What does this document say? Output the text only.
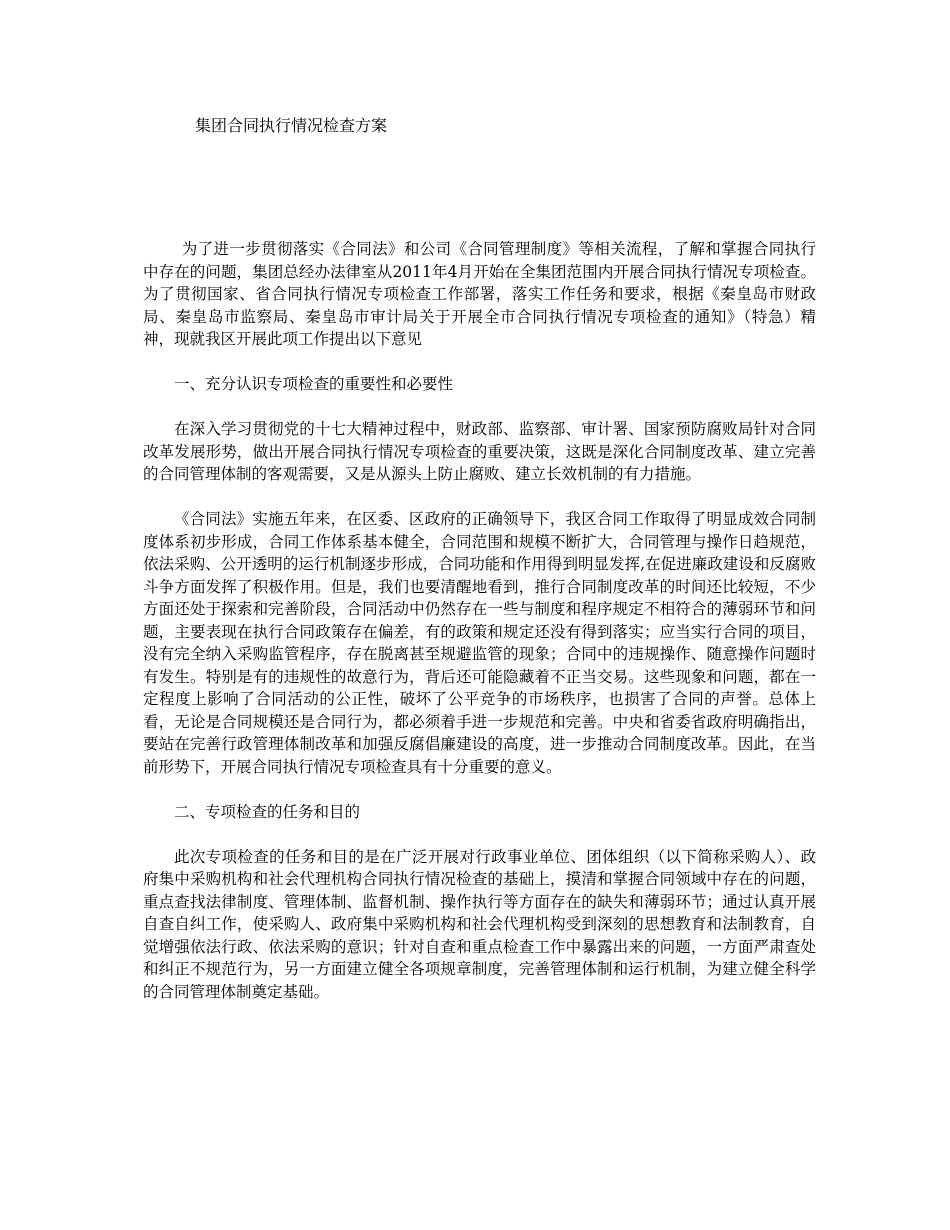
集团合同执行情况检查方案

为了进一步贯彻落实《合同法》和公司《合同管理制度》等相关流程，了解和掌握合同执行中存在的问题，集团总经办法律室从2011年4月开始在全集团范围内开展合同执行情况专项检查。为了贯彻国家、省合同执行情况专项检查工作部署，落实工作任务和要求，根据《秦皇岛市财政局、秦皇岛市监察局、秦皇岛市审计局关于开展全市合同执行情况专项检查的通知》（特急）精神，现就我区开展此项工作提出以下意见

一、充分认识专项检查的重要性和必要性

在深入学习贯彻党的十七大精神过程中，财政部、监察部、审计署、国家预防腐败局针对合同改革发展形势，做出开展合同执行情况专项检查的重要决策，这既是深化合同制度改革、建立完善的合同管理体制的客观需要，又是从源头上防止腐败、建立长效机制的有力措施。

《合同法》实施五年来，在区委、区政府的正确领导下，我区合同工作取得了明显成效合同制度体系初步形成，合同工作体系基本健全，合同范围和规模不断扩大，合同管理与操作日趋规范，依法采购、公开透明的运行机制逐步形成，合同功能和作用得到明显发挥,在促进廉政建设和反腐败斗争方面发挥了积极作用。但是，我们也要清醒地看到，推行合同制度改革的时间还比较短，不少方面还处于探索和完善阶段，合同活动中仍然存在一些与制度和程序规定不相符合的薄弱环节和问题，主要表现在执行合同政策存在偏差，有的政策和规定还没有得到落实；应当实行合同的项目，没有完全纳入采购监管程序，存在脱离甚至规避监管的现象；合同中的违规操作、随意操作问题时有发生。特别是有的违规性的故意行为，背后还可能隐藏着不正当交易。这些现象和问题，都在一定程度上影响了合同活动的公正性，破坏了公平竞争的市场秩序，也损害了合同的声誉。总体上看，无论是合同规模还是合同行为，都必须着手进一步规范和完善。中央和省委省政府明确指出，要站在完善行政管理体制改革和加强反腐倡廉建设的高度，进一步推动合同制度改革。因此，在当前形势下，开展合同执行情况专项检查具有十分重要的意义。

二、专项检查的任务和目的

此次专项检查的任务和目的是在广泛开展对行政事业单位、团体组织（以下简称采购人）、政府集中采购机构和社会代理机构合同执行情况检查的基础上，摸清和掌握合同领域中存在的问题，重点查找法律制度、管理体制、监督机制、操作执行等方面存在的缺失和薄弱环节；通过认真开展自查自纠工作，使采购人、政府集中采购机构和社会代理机构受到深刻的思想教育和法制教育，自觉增强依法行政、依法采购的意识；针对自查和重点检查工作中暴露出来的问题，一方面严肃查处和纠正不规范行为，另一方面建立健全各项规章制度，完善管理体制和运行机制，为建立健全科学的合同管理体制奠定基础。
